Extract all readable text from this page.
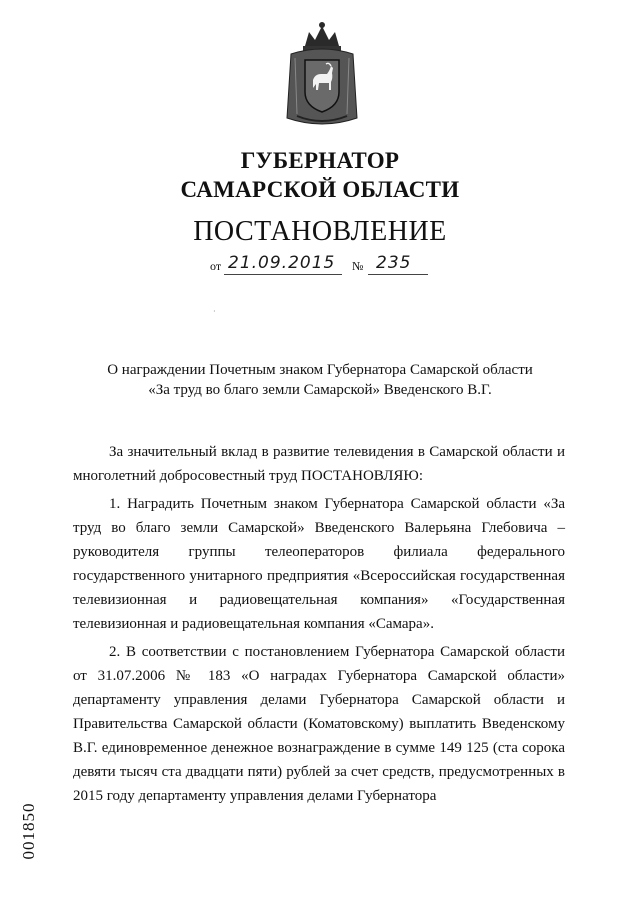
ГУБЕРНАТОР
САМАРСКОЙ ОБЛАСТИ
ПОСТАНОВЛЕНИЕ
от 21.09.2015 № 235
·
О награждении Почетным знаком Губернатора Самарской области
«За труд во благо земли Самарской» Введенского В.Г.

За значительный вклад в развитие телевидения в Самарской области и многолетний добросовестный труд ПОСТАНОВЛЯЮ:

1. Наградить Почетным знаком Губернатора Самарской области «За труд во благо земли Самарской» Введенского Валерьяна Глебовича – руководителя группы телеоператоров филиала федерального государственного унитарного предприятия «Всероссийская государственная телевизионная и радиовещательная компания» «Государственная телевизионная и радиовещательная компания «Самара».

2. В соответствии с постановлением Губернатора Самарской области от 31.07.2006 № 183 «О наградах Губернатора Самарской области» департаменту управления делами Губернатора Самарской области и Правительства Самарской области (Коматовскому) выплатить Введенскому В.Г. единовременное денежное вознаграждение в сумме 149 125 (ста сорока девяти тысяч ста двадцати пяти) рублей за счет средств, предусмотренных в 2015 году департаменту управления делами Губернатора

001850
